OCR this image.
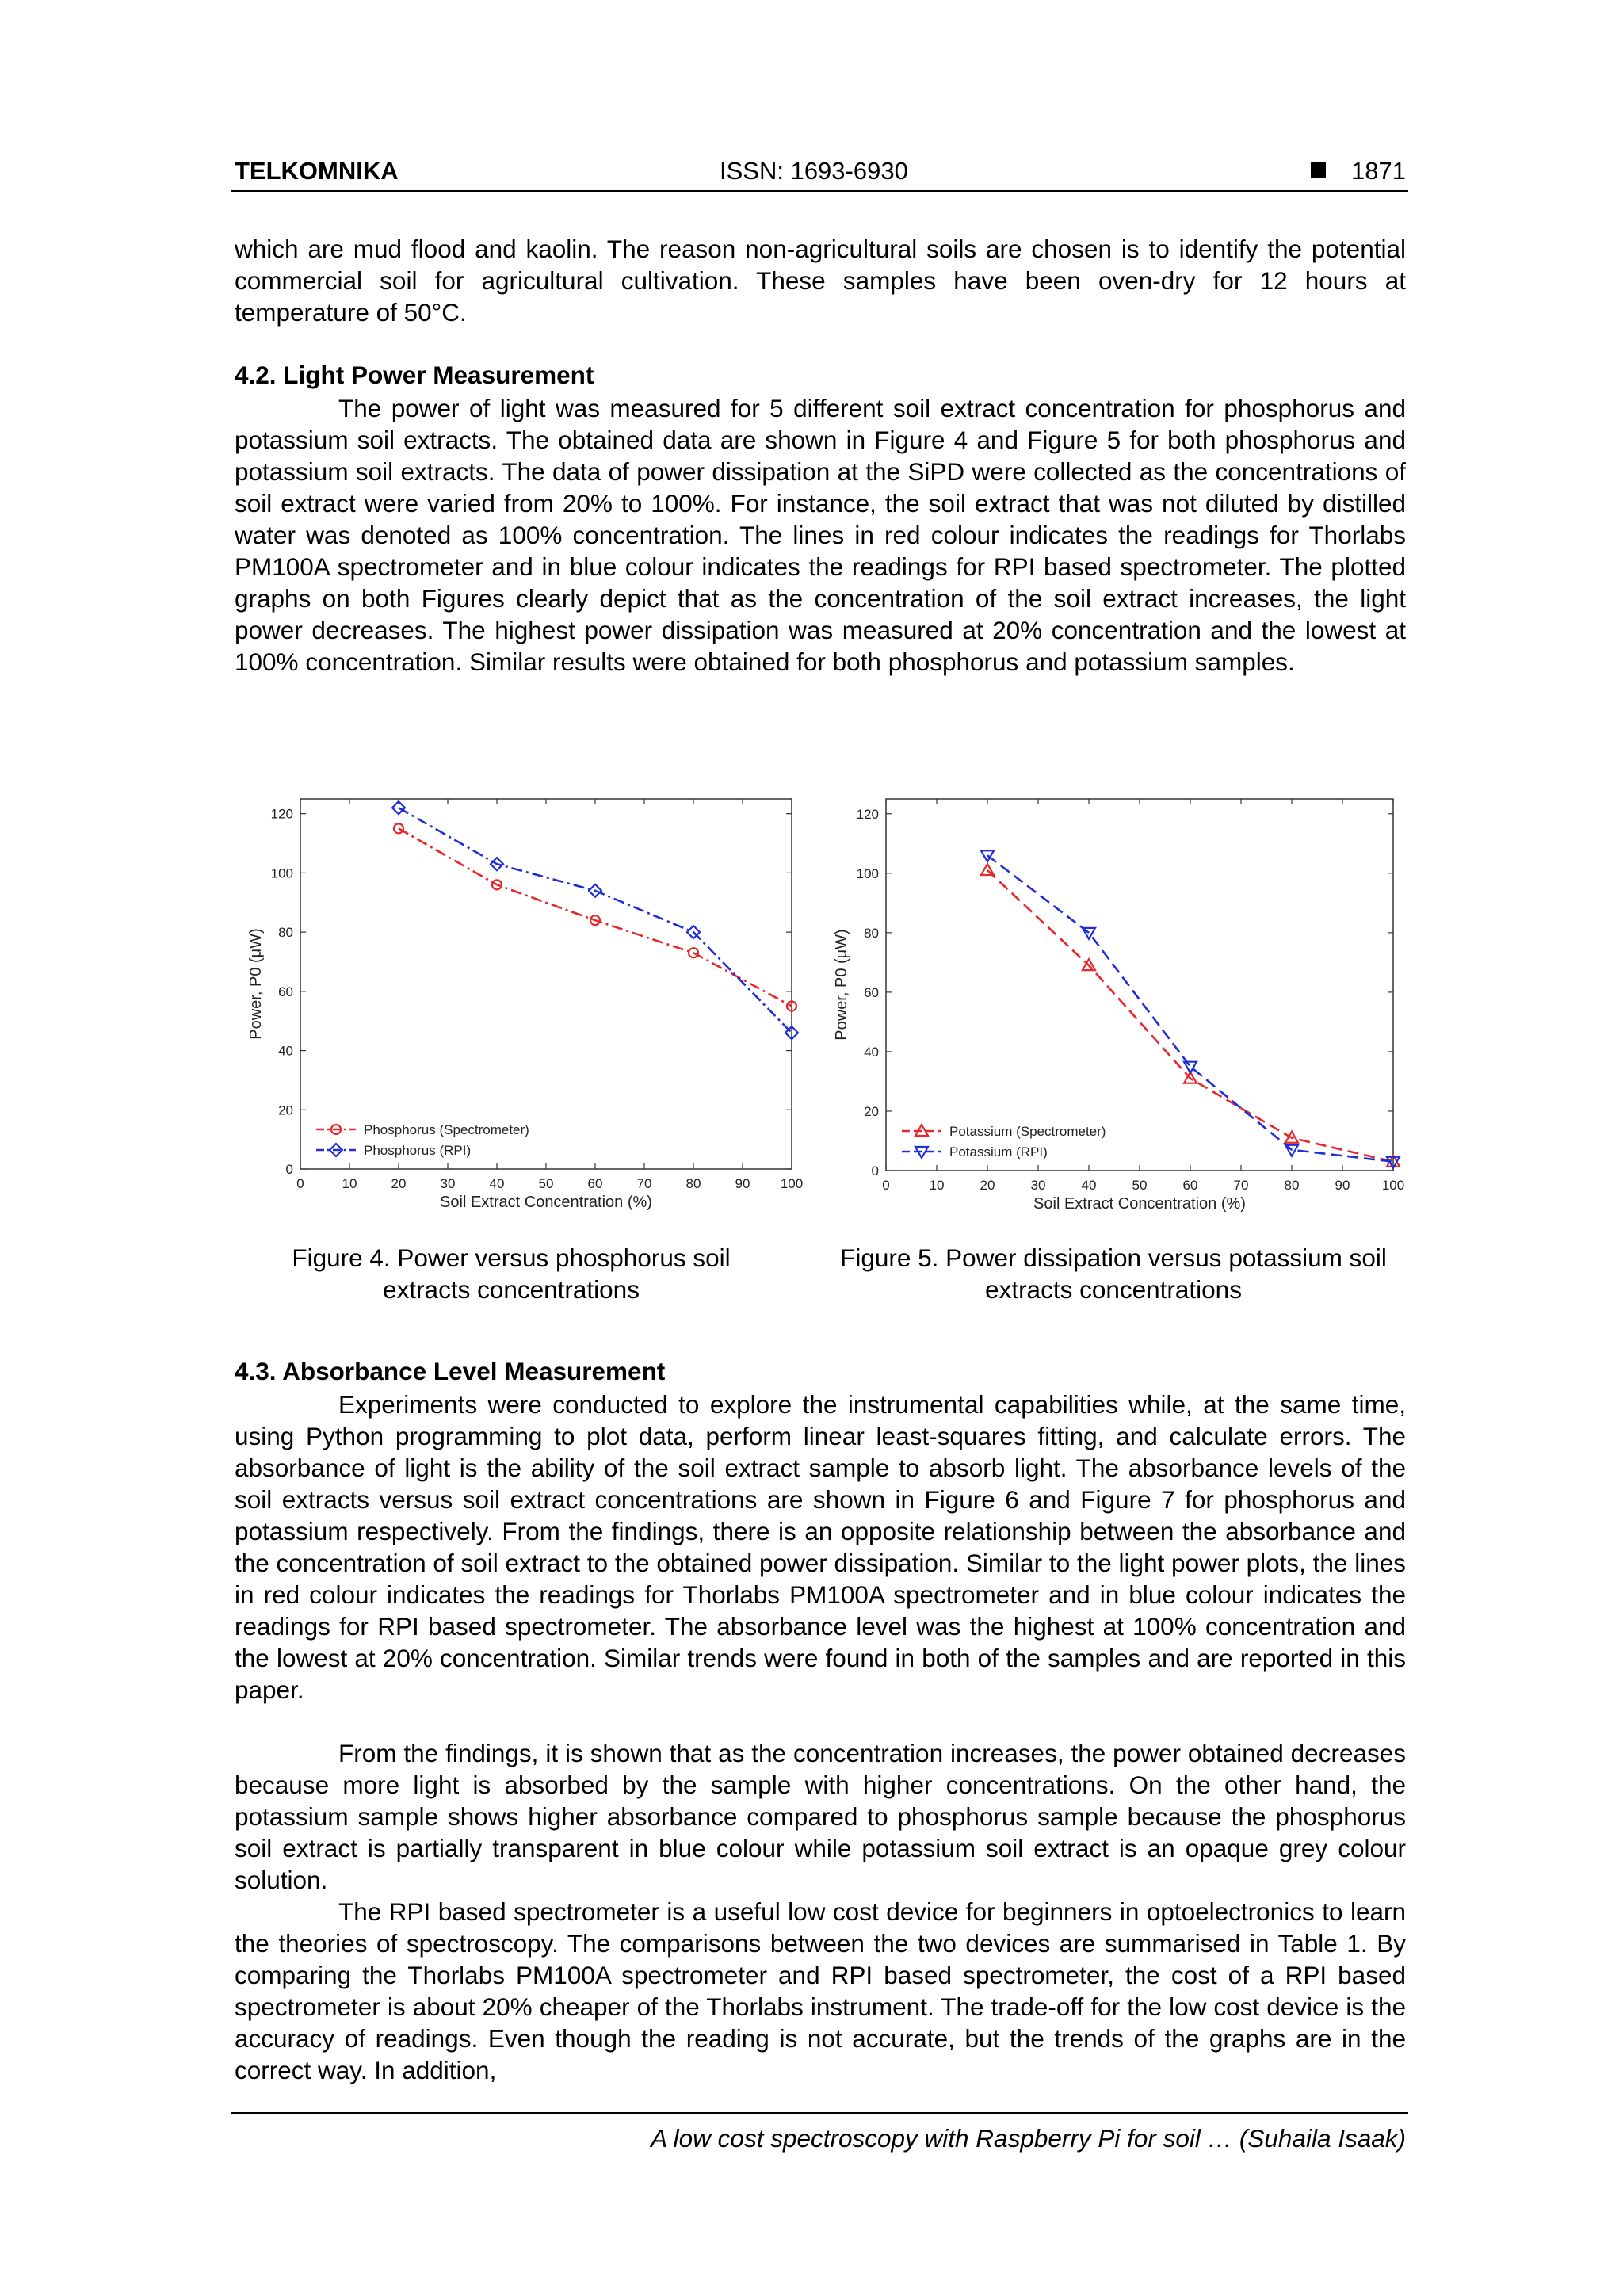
TELKOMNIKA	ISSN: 1693-6930	1871

which are mud flood and kaolin. The reason non-agricultural soils are chosen is to identify the potential commercial soil for agricultural cultivation. These samples have been oven-dry for 12 hours at temperature of 50°C.

4.2. Light Power Measurement

The power of light was measured for 5 different soil extract concentration for phosphorus and potassium soil extracts. The obtained data are shown in Figure 4 and Figure 5 for both phosphorus and potassium soil extracts. The data of power dissipation at the SiPD were collected as the concentrations of soil extract were varied from 20% to 100%. For instance, the soil extract that was not diluted by distilled water was denoted as 100% concentration. The lines in red colour indicates the readings for Thorlabs PM100A spectrometer and in blue colour indicates the readings for RPI based spectrometer. The plotted graphs on both Figures clearly depict that as the concentration of the soil extract increases, the light power decreases. The highest power dissipation was measured at 20% concentration and the lowest at 100% concentration. Similar results were obtained for both phosphorus and potassium samples.

0	10	20	30	40	50	60	70	80	90 100
0
20
40
60
80
100
120
Soil Extract Concentration (%)
Power, P0 (μW)
Phosphorus (Spectrometer)
Phosphorus (RPI)
0	10	20	30	40	50	60	70	80	90 100
0
20
40
60
80
100
120
Soil Extract Concentration (%)
Power, P0 (μW)
Potassium (Spectrometer)
Potassium (RPI)

Figure 4. Power versus phosphorus soil extracts concentrations

Figure 5. Power dissipation versus potassium soil extracts concentrations

4.3. Absorbance Level Measurement

Experiments were conducted to explore the instrumental capabilities while, at the same time, using Python programming to plot data, perform linear least-squares fitting, and calculate errors. The absorbance of light is the ability of the soil extract sample to absorb light. The absorbance levels of the soil extracts versus soil extract concentrations are shown in Figure 6 and Figure 7 for phosphorus and potassium respectively. From the findings, there is an opposite relationship between the absorbance and the concentration of soil extract to the obtained power dissipation. Similar to the light power plots, the lines in red colour indicates the readings for Thorlabs PM100A spectrometer and in blue colour indicates the readings for RPI based spectrometer. The absorbance level was the highest at 100% concentration and the lowest at 20% concentration. Similar trends were found in both of the samples and are reported in this paper.

From the findings, it is shown that as the concentration increases, the power obtained decreases because more light is absorbed by the sample with higher concentrations. On the other hand, the potassium sample shows higher absorbance compared to phosphorus sample because the phosphorus soil extract is partially transparent in blue colour while potassium soil extract is an opaque grey colour solution.

The RPI based spectrometer is a useful low cost device for beginners in optoelectronics to learn the theories of spectroscopy. The comparisons between the two devices are summarised in Table 1. By comparing the Thorlabs PM100A spectrometer and RPI based spectrometer, the cost of a RPI based spectrometer is about 20% cheaper of the Thorlabs instrument. The trade-off for the low cost device is the accuracy of readings. Even though the reading is not accurate, but the trends of the graphs are in the correct way. In addition,

A low cost spectroscopy with Raspberry Pi for soil … (Suhaila Isaak)
